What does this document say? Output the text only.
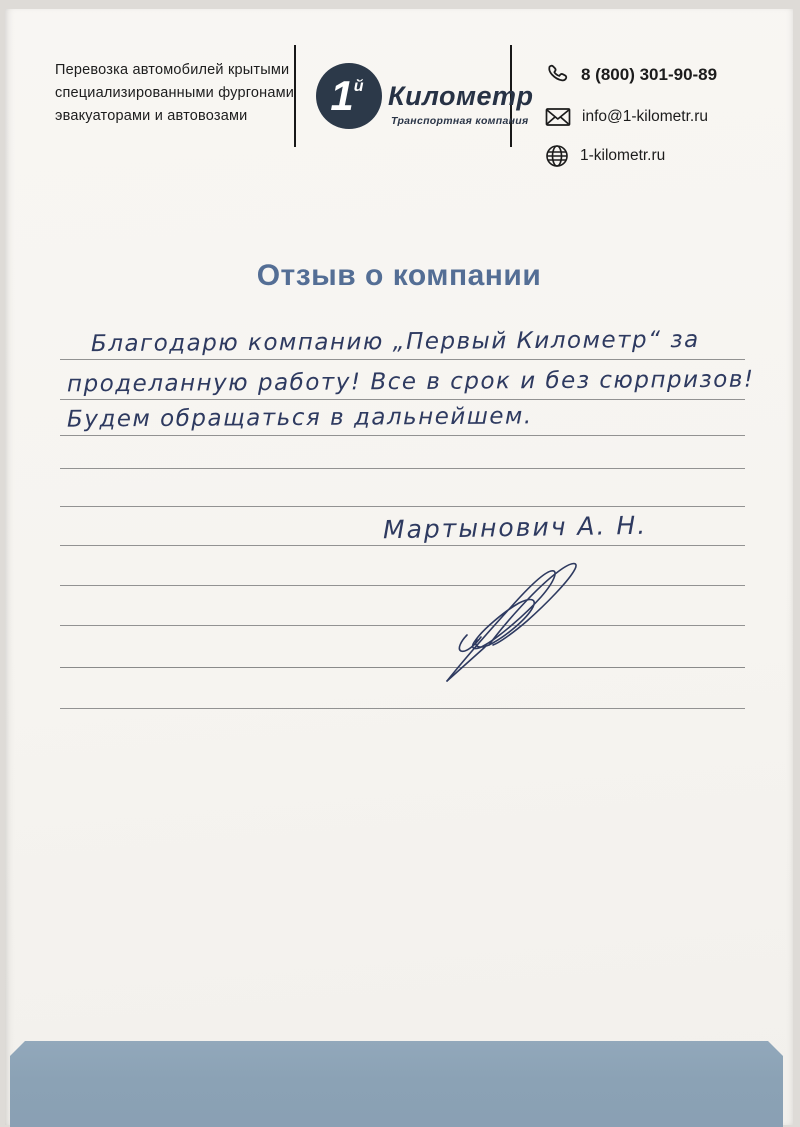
Перевозка автомобилей крытыми
специализированными фургонами
эвакуаторами и автовозами	1 й Километр
Транспортная компания
8 (800) 301-90-89
info@1-kilometr.ru
1-kilometr.ru
Отзыв о компании
Благодарю компанию „Первый Километр“ за
проделанную работу! Все в срок и без сюрпризов!
Будем обращаться в дальнейшем.
Мартынович А. Н.
